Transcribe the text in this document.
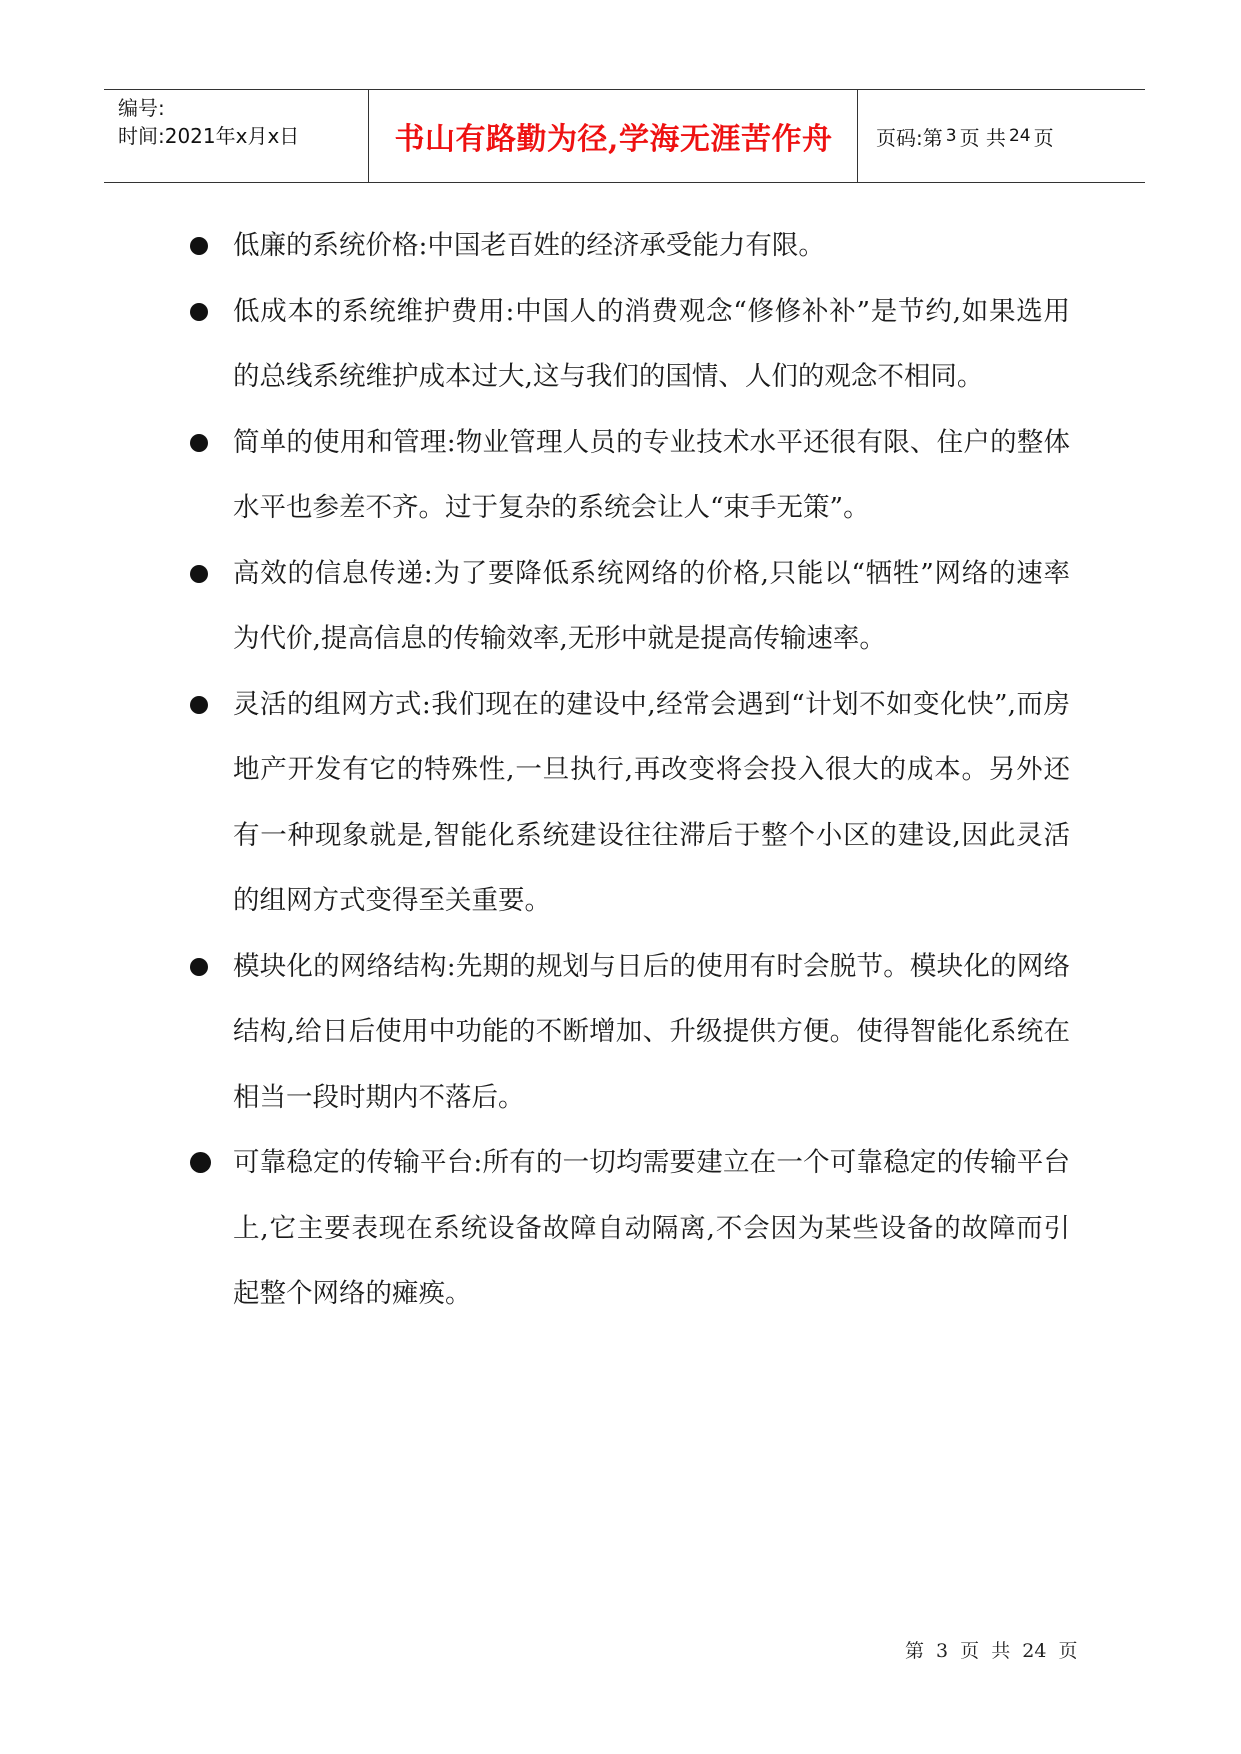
编号:
时间:2021年x月x日	书山有路勤为径,学海无涯苦作舟	页码:第 3 页 共 24 页
低廉的系统价格:中国老百姓的经济承受能力有限。
低成本的系统维护费用:中国人的消费观念“修修补补”是节约,如果选用的总线系统维护成本过大,这与我们的国情、人们的观念不相同。
简单的使用和管理:物业管理人员的专业技术水平还很有限、住户的整体水平也参差不齐。过于复杂的系统会让人“束手无策”。
高效的信息传递:为了要降低系统网络的价格,只能以“牺牲”网络的速率为代价,提高信息的传输效率,无形中就是提高传输速率。
灵活的组网方式:我们现在的建设中,经常会遇到“计划不如变化快”,而房地产开发有它的特殊性,一旦执行,再改变将会投入很大的成本。另外还有一种现象就是,智能化系统建设往往滞后于整个小区的建设,因此灵活的组网方式变得至关重要。
模块化的网络结构:先期的规划与日后的使用有时会脱节。模块化的网络结构,给日后使用中功能的不断增加、升级提供方便。使得智能化系统在相当一段时期内不落后。
可靠稳定的传输平台:所有的一切均需要建立在一个可靠稳定的传输平台上,它主要表现在系统设备故障自动隔离,不会因为某些设备的故障而引起整个网络的瘫痪。
第 3 页 共 24 页
